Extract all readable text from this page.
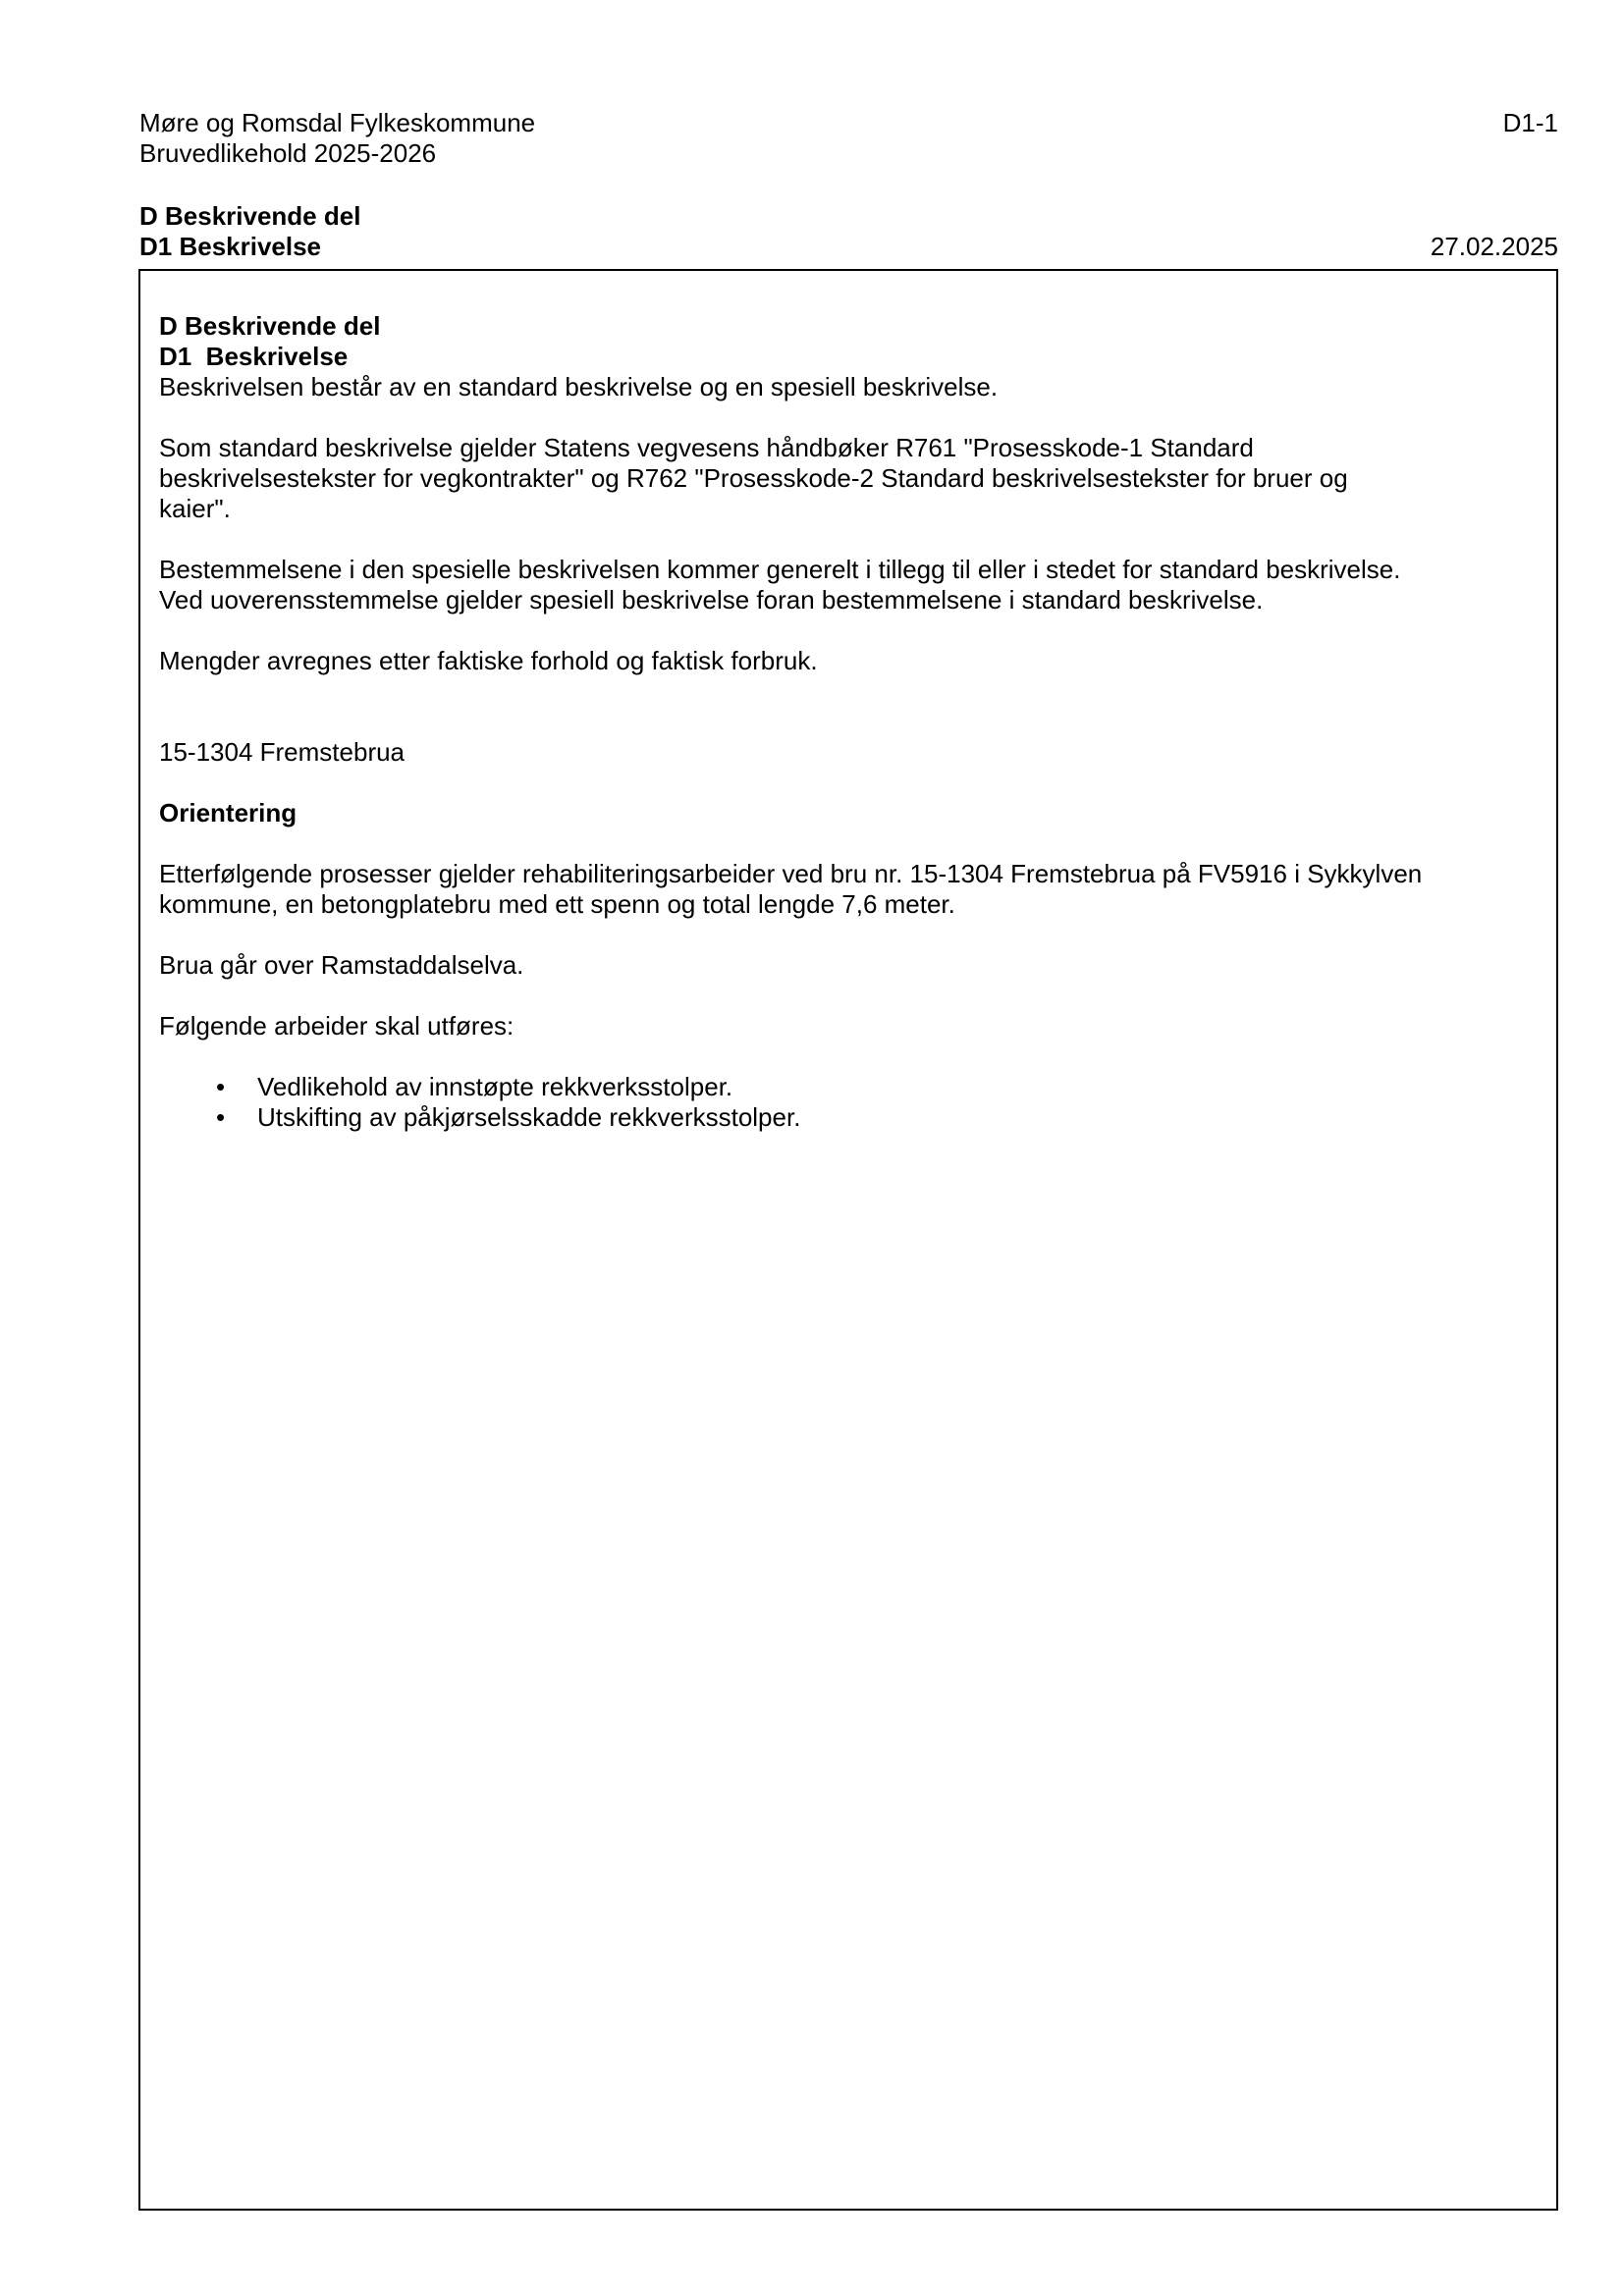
Møre og Romsdal Fylkeskommune
Bruvedlikehold 2025-2026
D1-1
D Beskrivende del
D1 Beskrivelse	27.02.2025

D Beskrivende del

D1  Beskrivelse

Beskrivelsen består av en standard beskrivelse og en spesiell beskrivelse.

Som standard beskrivelse gjelder Statens vegvesens håndbøker R761 "Prosesskode-1 Standard

beskrivelsestekster for vegkontrakter" og R762 "Prosesskode-2 Standard beskrivelsestekster for bruer og

kaier".

Bestemmelsene i den spesielle beskrivelsen kommer generelt i tillegg til eller i stedet for standard beskrivelse.

Ved uoverensstemmelse gjelder spesiell beskrivelse foran bestemmelsene i standard beskrivelse.

Mengder avregnes etter faktiske forhold og faktisk forbruk.

15-1304 Fremstebrua

Orientering

Etterfølgende prosesser gjelder rehabiliteringsarbeider ved bru nr. 15-1304 Fremstebrua på FV5916 i Sykkylven

kommune, en betongplatebru med ett spenn og total lengde 7,6 meter.

Brua går over Ramstaddalselva.

Følgende arbeider skal utføres:

• Vedlikehold av innstøpte rekkverksstolper.
• Utskifting av påkjørselsskadde rekkverksstolper.
